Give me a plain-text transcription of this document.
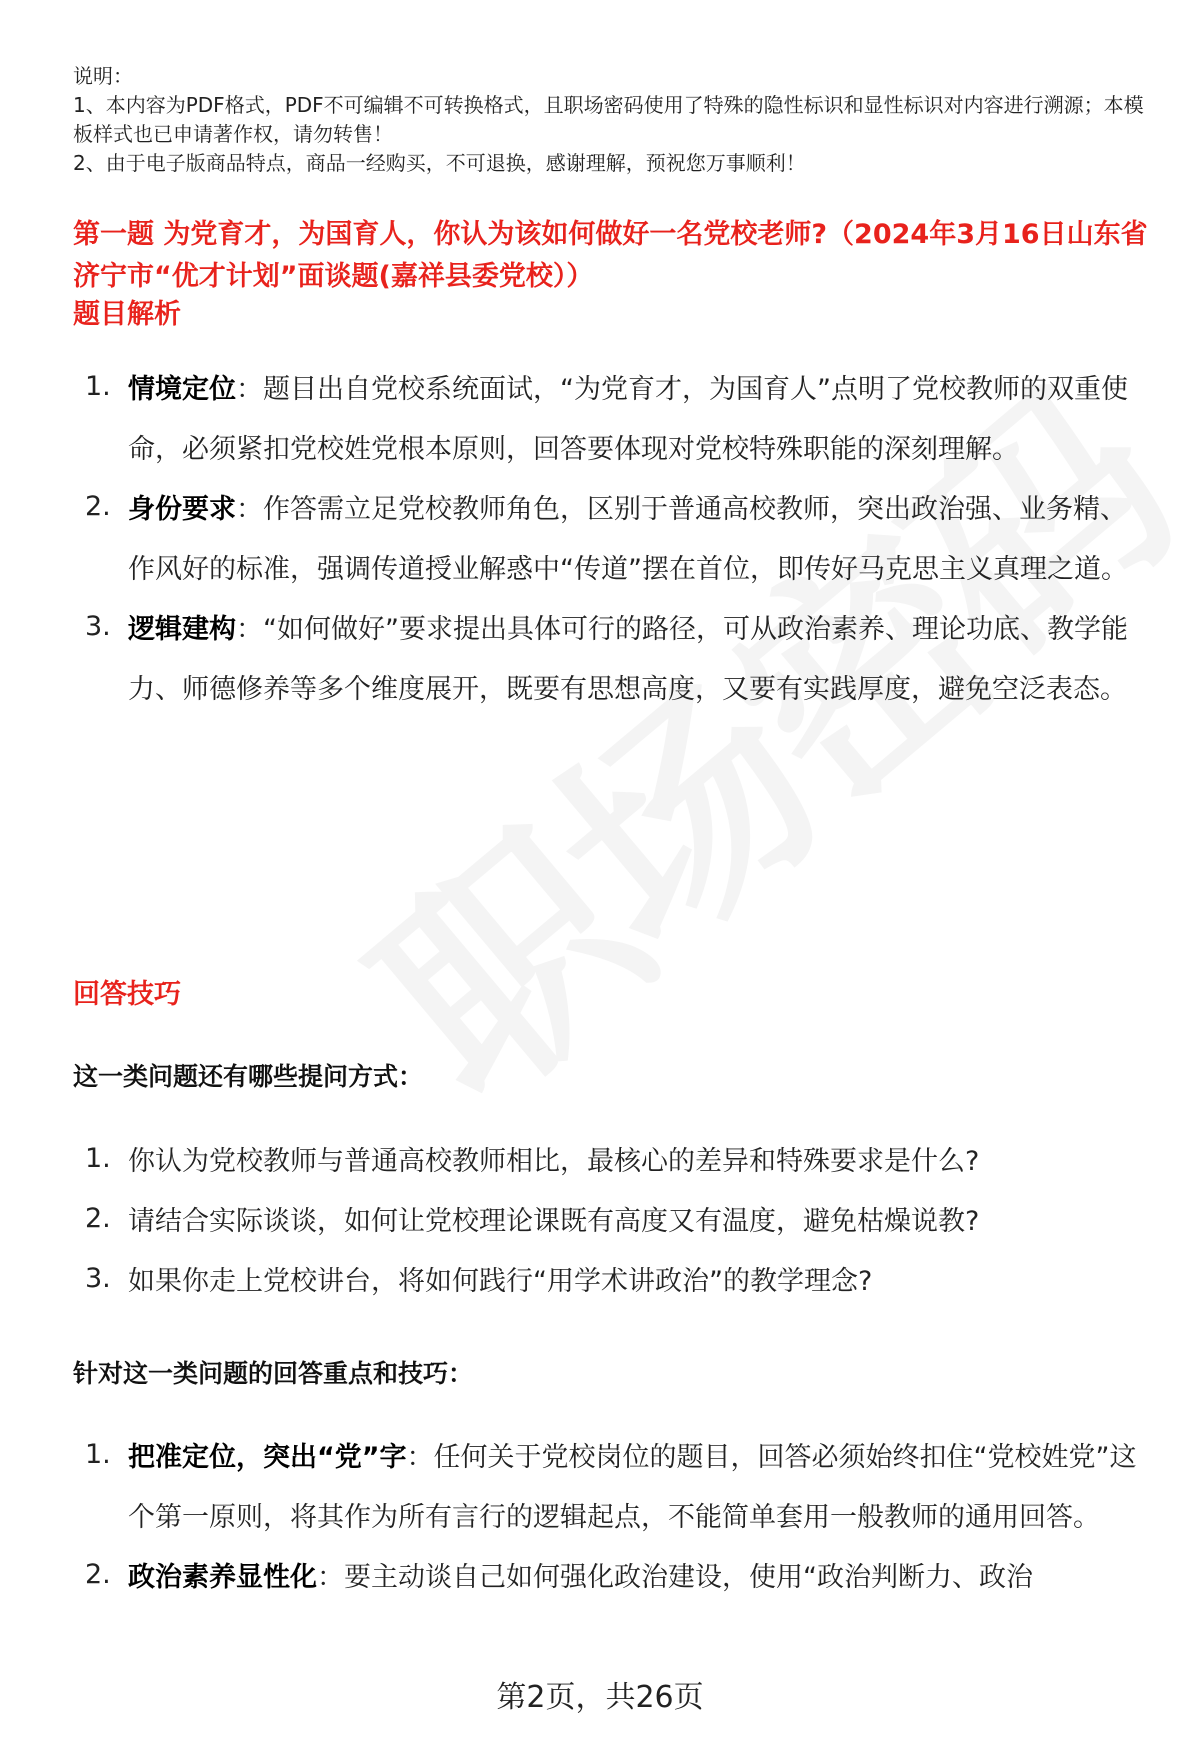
说明：

1、本内容为PDF格式，PDF不可编辑不可转换格式，且职场密码使用了特殊的隐性标识和显性标识对内容进行溯源；本模板样式也已申请著作权，请勿转售！

2、由于电子版商品特点，商品一经购买，不可退换，感谢理解，预祝您万事顺利！

第一题 为党育才，为国育人，你认为该如何做好一名党校老师?（2024年3月16日山东省济宁市“优才计划”面谈题(嘉祥县委党校））
题目解析
1. 情境定位：题目出自党校系统面试，“为党育才，为国育人”点明了党校教师的双重使命，必须紧扣党校姓党根本原则，回答要体现对党校特殊职能的深刻理解。
2. 身份要求：作答需立足党校教师角色，区别于普通高校教师，突出政治强、业务精、作风好的标准，强调传道授业解惑中“传道”摆在首位，即传好马克思主义真理之道。
3. 逻辑建构：“如何做好”要求提出具体可行的路径，可从政治素养、理论功底、教学能力、师德修养等多个维度展开，既要有思想高度，又要有实践厚度，避免空泛表态。
回答技巧
这一类问题还有哪些提问方式：
1. 你认为党校教师与普通高校教师相比，最核心的差异和特殊要求是什么?
2. 请结合实际谈谈，如何让党校理论课既有高度又有温度，避免枯燥说教?
3. 如果你走上党校讲台，将如何践行“用学术讲政治”的教学理念?
针对这一类问题的回答重点和技巧：
1. 把准定位，突出“党”字：任何关于党校岗位的题目，回答必须始终扣住“党校姓党”这个第一原则，将其作为所有言行的逻辑起点，不能简单套用一般教师的通用回答。
2. 政治素养显性化：要主动谈自己如何强化政治建设，使用“政治判断力、政治
第2页，共26页
